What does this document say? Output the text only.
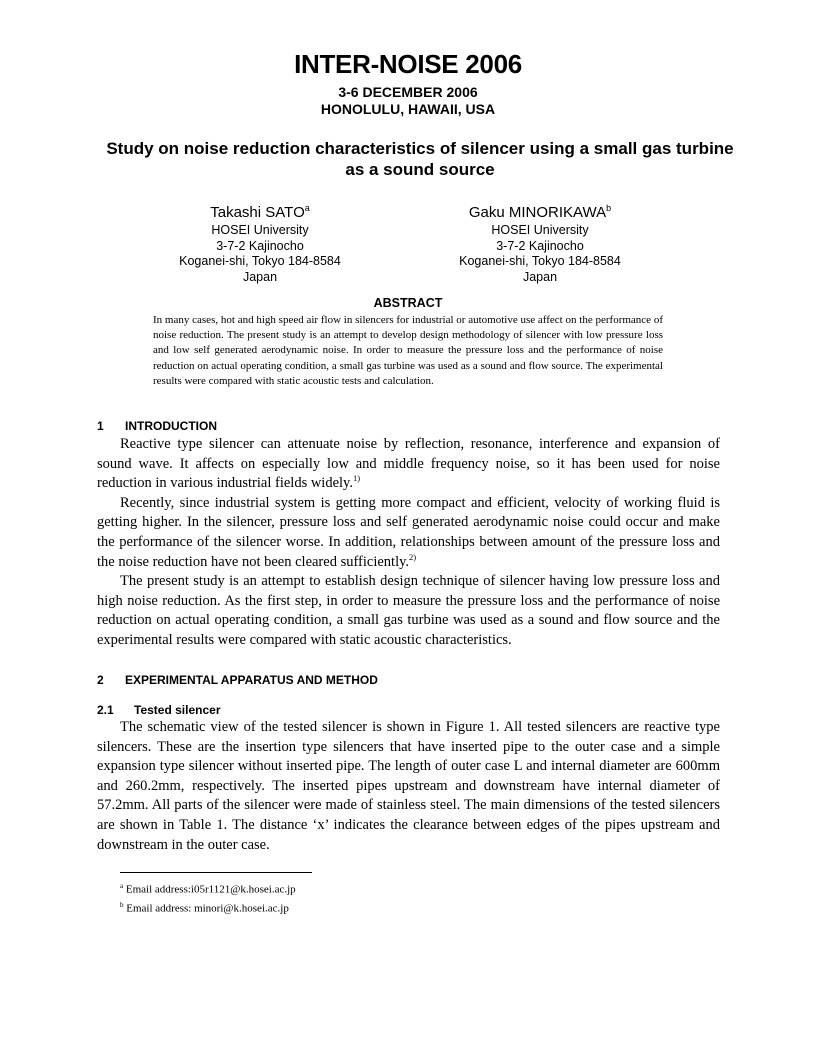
INTER-NOISE 2006
3-6 DECEMBER 2006
HONOLULU, HAWAII, USA
Study on noise reduction characteristics of silencer using a small gas turbine as a sound source
Takashi SATO$^a$
HOSEI University
3-7-2 Kajinocho
Koganei-shi, Tokyo 184-8584
Japan
Gaku MINORIKAWA$^b$
HOSEI University
3-7-2 Kajinocho
Koganei-shi, Tokyo 184-8584
Japan
ABSTRACT
In many cases, hot and high speed air flow in silencers for industrial or automotive use affect on the performance of noise reduction. The present study is an attempt to develop design methodology of silencer with low pressure loss and low self generated aerodynamic noise. In order to measure the pressure loss and the performance of noise reduction on actual operating condition, a small gas turbine was used as a sound and flow source. The experimental results were compared with static acoustic tests and calculation.
1 INTRODUCTION

Reactive type silencer can attenuate noise by reflection, resonance, interference and expansion of sound wave. It affects on especially low and middle frequency noise, so it has been used for noise reduction in various industrial fields widely.$^{1)}$

Recently, since industrial system is getting more compact and efficient, velocity of working fluid is getting higher. In the silencer, pressure loss and self generated aerodynamic noise could occur and make the performance of the silencer worse. In addition, relationships between amount of the pressure loss and the noise reduction have not been cleared sufficiently.$^{2)}$

The present study is an attempt to establish design technique of silencer having low pressure loss and high noise reduction. As the first step, in order to measure the pressure loss and the performance of noise reduction on actual operating condition, a small gas turbine was used as a sound and flow source and the experimental results were compared with static acoustic characteristics.

2 EXPERIMENTAL APPARATUS AND METHOD
2.1 Tested silencer

The schematic view of the tested silencer is shown in Figure 1. All tested silencers are reactive type silencers. These are the insertion type silencers that have inserted pipe to the outer case and a simple expansion type silencer without inserted pipe. The length of outer case L and internal diameter are 600mm and 260.2mm, respectively. The inserted pipes upstream and downstream have internal diameter of 57.2mm. All parts of the silencer were made of stainless steel. The main dimensions of the tested silencers are shown in Table 1. The distance ‘x’ indicates the clearance between edges of the pipes upstream and downstream in the outer case.

$^a$ Email address:i05r1121@k.hosei.ac.jp
$^b$ Email address: minori@k.hosei.ac.jp
